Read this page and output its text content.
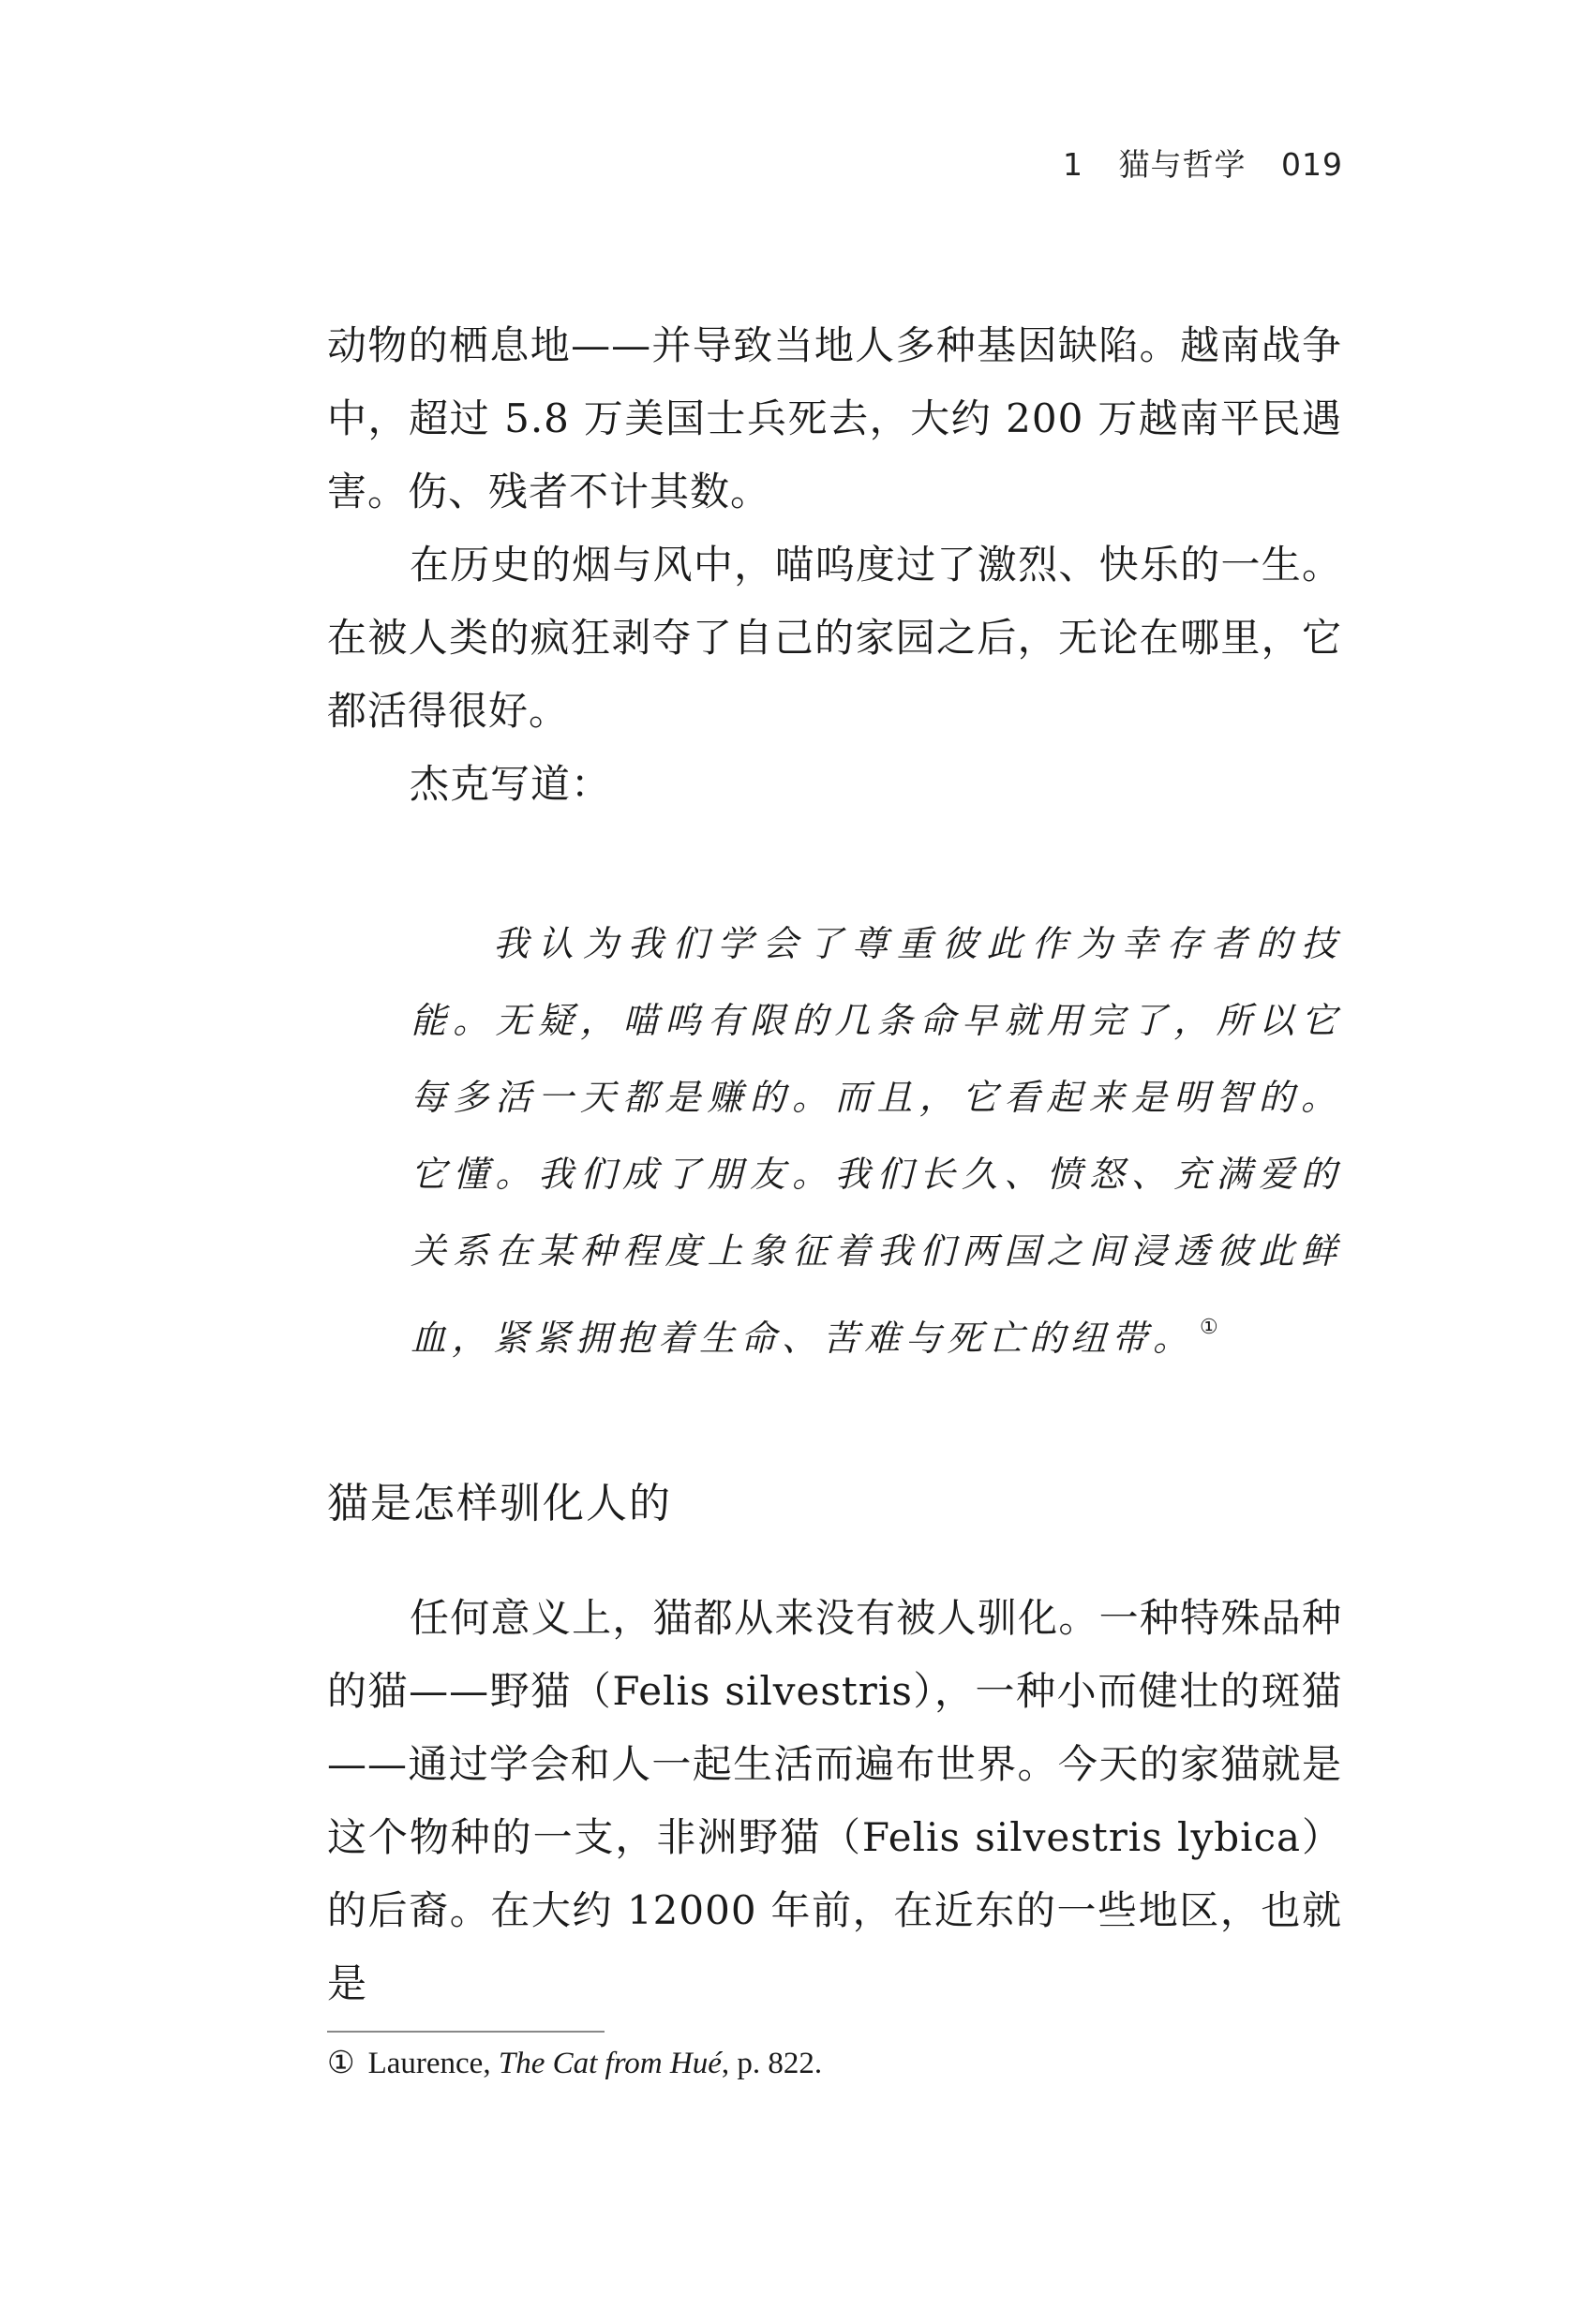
1 猫与哲学 019

动物的栖息地——并导致当地人多种基因缺陷。越南战争中，超过 5.8 万美国士兵死去，大约 200 万越南平民遇害。伤、残者不计其数。

在历史的烟与风中，喵呜度过了激烈、快乐的一生。在被人类的疯狂剥夺了自己的家园之后，无论在哪里，它都活得很好。

杰克写道：

我认为我们学会了尊重彼此作为幸存者的技能。无疑，喵呜有限的几条命早就用完了，所以它每多活一天都是赚的。而且，它看起来是明智的。它懂。我们成了朋友。我们长久、愤怒、充满爱的关系在某种程度上象征着我们两国之间浸透彼此鲜血，紧紧拥抱着生命、苦难与死亡的纽带。 ①

猫是怎样驯化人的

任何意义上，猫都从来没有被人驯化。一种特殊品种的猫——野猫（Felis silvestris），一种小而健壮的斑猫——通过学会和人一起生活而遍布世界。今天的家猫就是这个物种的一支，非洲野猫（Felis silvestris lybica）的后裔。在大约 12000 年前，在近东的一些地区，也就是

① Laurence, The Cat from Hué, p. 822.
